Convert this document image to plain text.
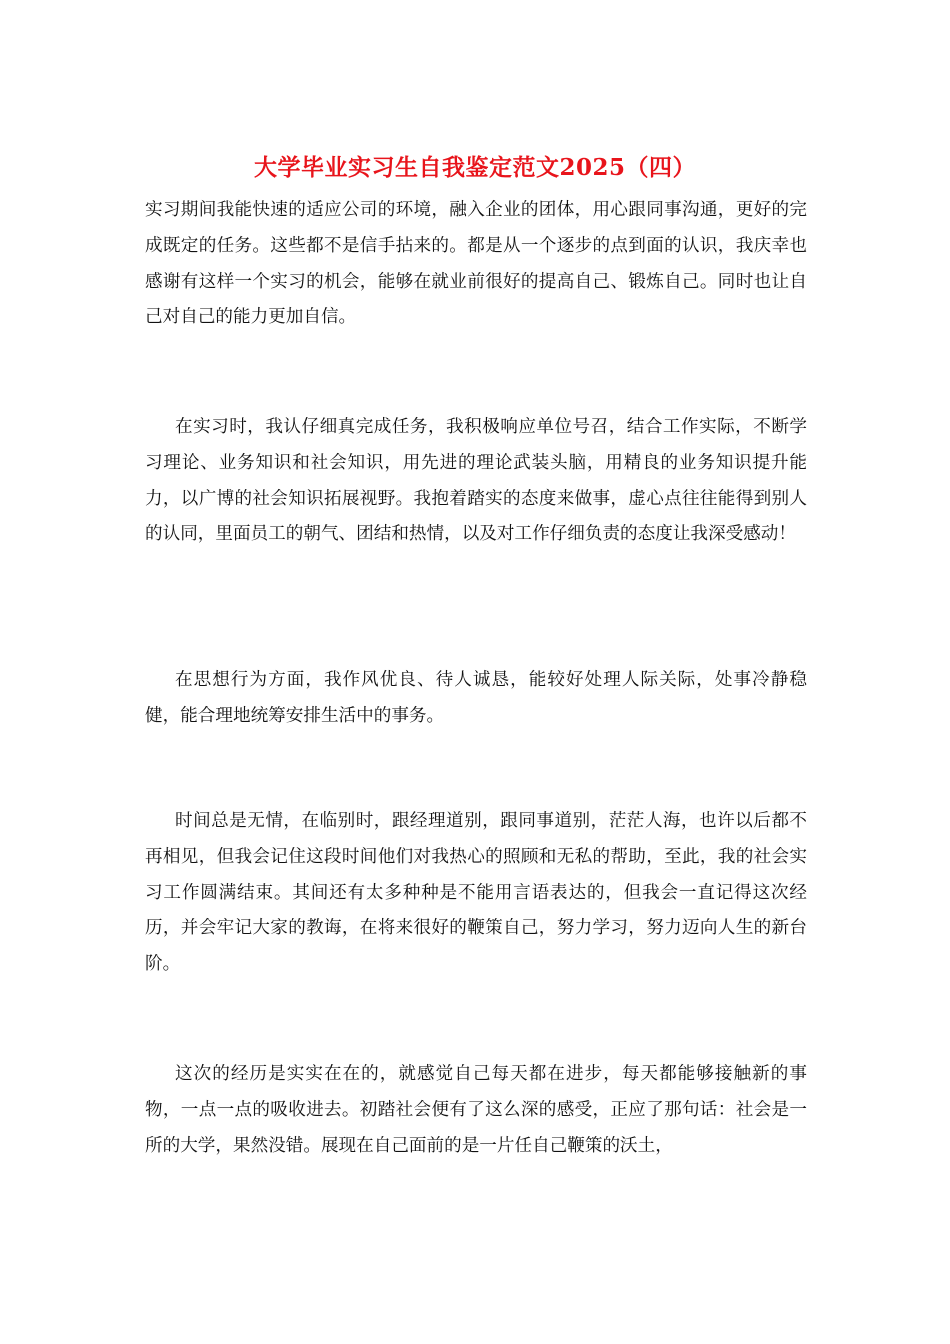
大学毕业实习生自我鉴定范文2025（四）

实习期间我能快速的适应公司的环境，融入企业的团体，用心跟同事沟通，更好的完成既定的任务。这些都不是信手拈来的。都是从一个逐步的点到面的认识，我庆幸也感谢有这样一个实习的机会，能够在就业前很好的提高自己、锻炼自己。同时也让自己对自己的能力更加自信。

在实习时，我认仔细真完成任务，我积极响应单位号召，结合工作实际，不断学习理论、业务知识和社会知识，用先进的理论武装头脑，用精良的业务知识提升能力，以广博的社会知识拓展视野。我抱着踏实的态度来做事，虚心点往往能得到别人的认同，里面员工的朝气、团结和热情，以及对工作仔细负责的态度让我深受感动！

在思想行为方面，我作风优良、待人诚恳，能较好处理人际关际，处事冷静稳健，能合理地统筹安排生活中的事务。

时间总是无情，在临别时，跟经理道别，跟同事道别，茫茫人海，也许以后都不再相见，但我会记住这段时间他们对我热心的照顾和无私的帮助，至此，我的社会实习工作圆满结束。其间还有太多种种是不能用言语表达的，但我会一直记得这次经历，并会牢记大家的教诲，在将来很好的鞭策自己，努力学习，努力迈向人生的新台阶。

这次的经历是实实在在的，就感觉自己每天都在进步，每天都能够接触新的事物，一点一点的吸收进去。初踏社会便有了这么深的感受，正应了那句话：社会是一所的大学，果然没错。展现在自己面前的是一片任自己鞭策的沃土，
